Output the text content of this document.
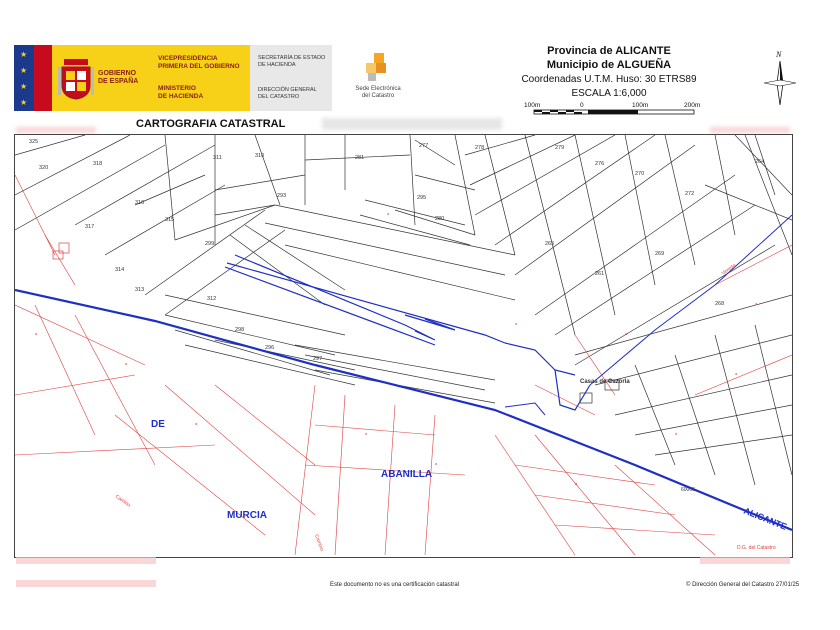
★
★
★
★
GOBIERNO
DE ESPAÑA
VICEPRESIDENCIA
PRIMERA DEL GOBIERNO
MINISTERIO
DE HACIENDA
SECRETARÍA DE ESTADO
DE HACIENDA
DIRECCIÓN GENERAL
DEL CATASTRO
Sede Electrónica
del Catastro
Provincia de ALICANTE
Municipio de ALGUEÑA
Coordenadas U.T.M. Huso: 30 ETRS89
ESCALA 1:6,000
100m	0	100m	200m
N
CARTOGRAFIA CATASTRAL
325
320
318
316
315
317
314
313
311	310
312
298
299
296
297
295
293
281
280
277	278	279
276
270
272
265
261
269
268
264
a
a
a
a
a
a
a
a
a
a
a
a
DE
MURCIA
ABANILLA
ALICANTE
Casas de Cazorla
60006
Camino
Camino
Vereda
D.G. del Catastro
Este documento no es una certificación catastral	© Dirección General del Catastro 27/01/25
